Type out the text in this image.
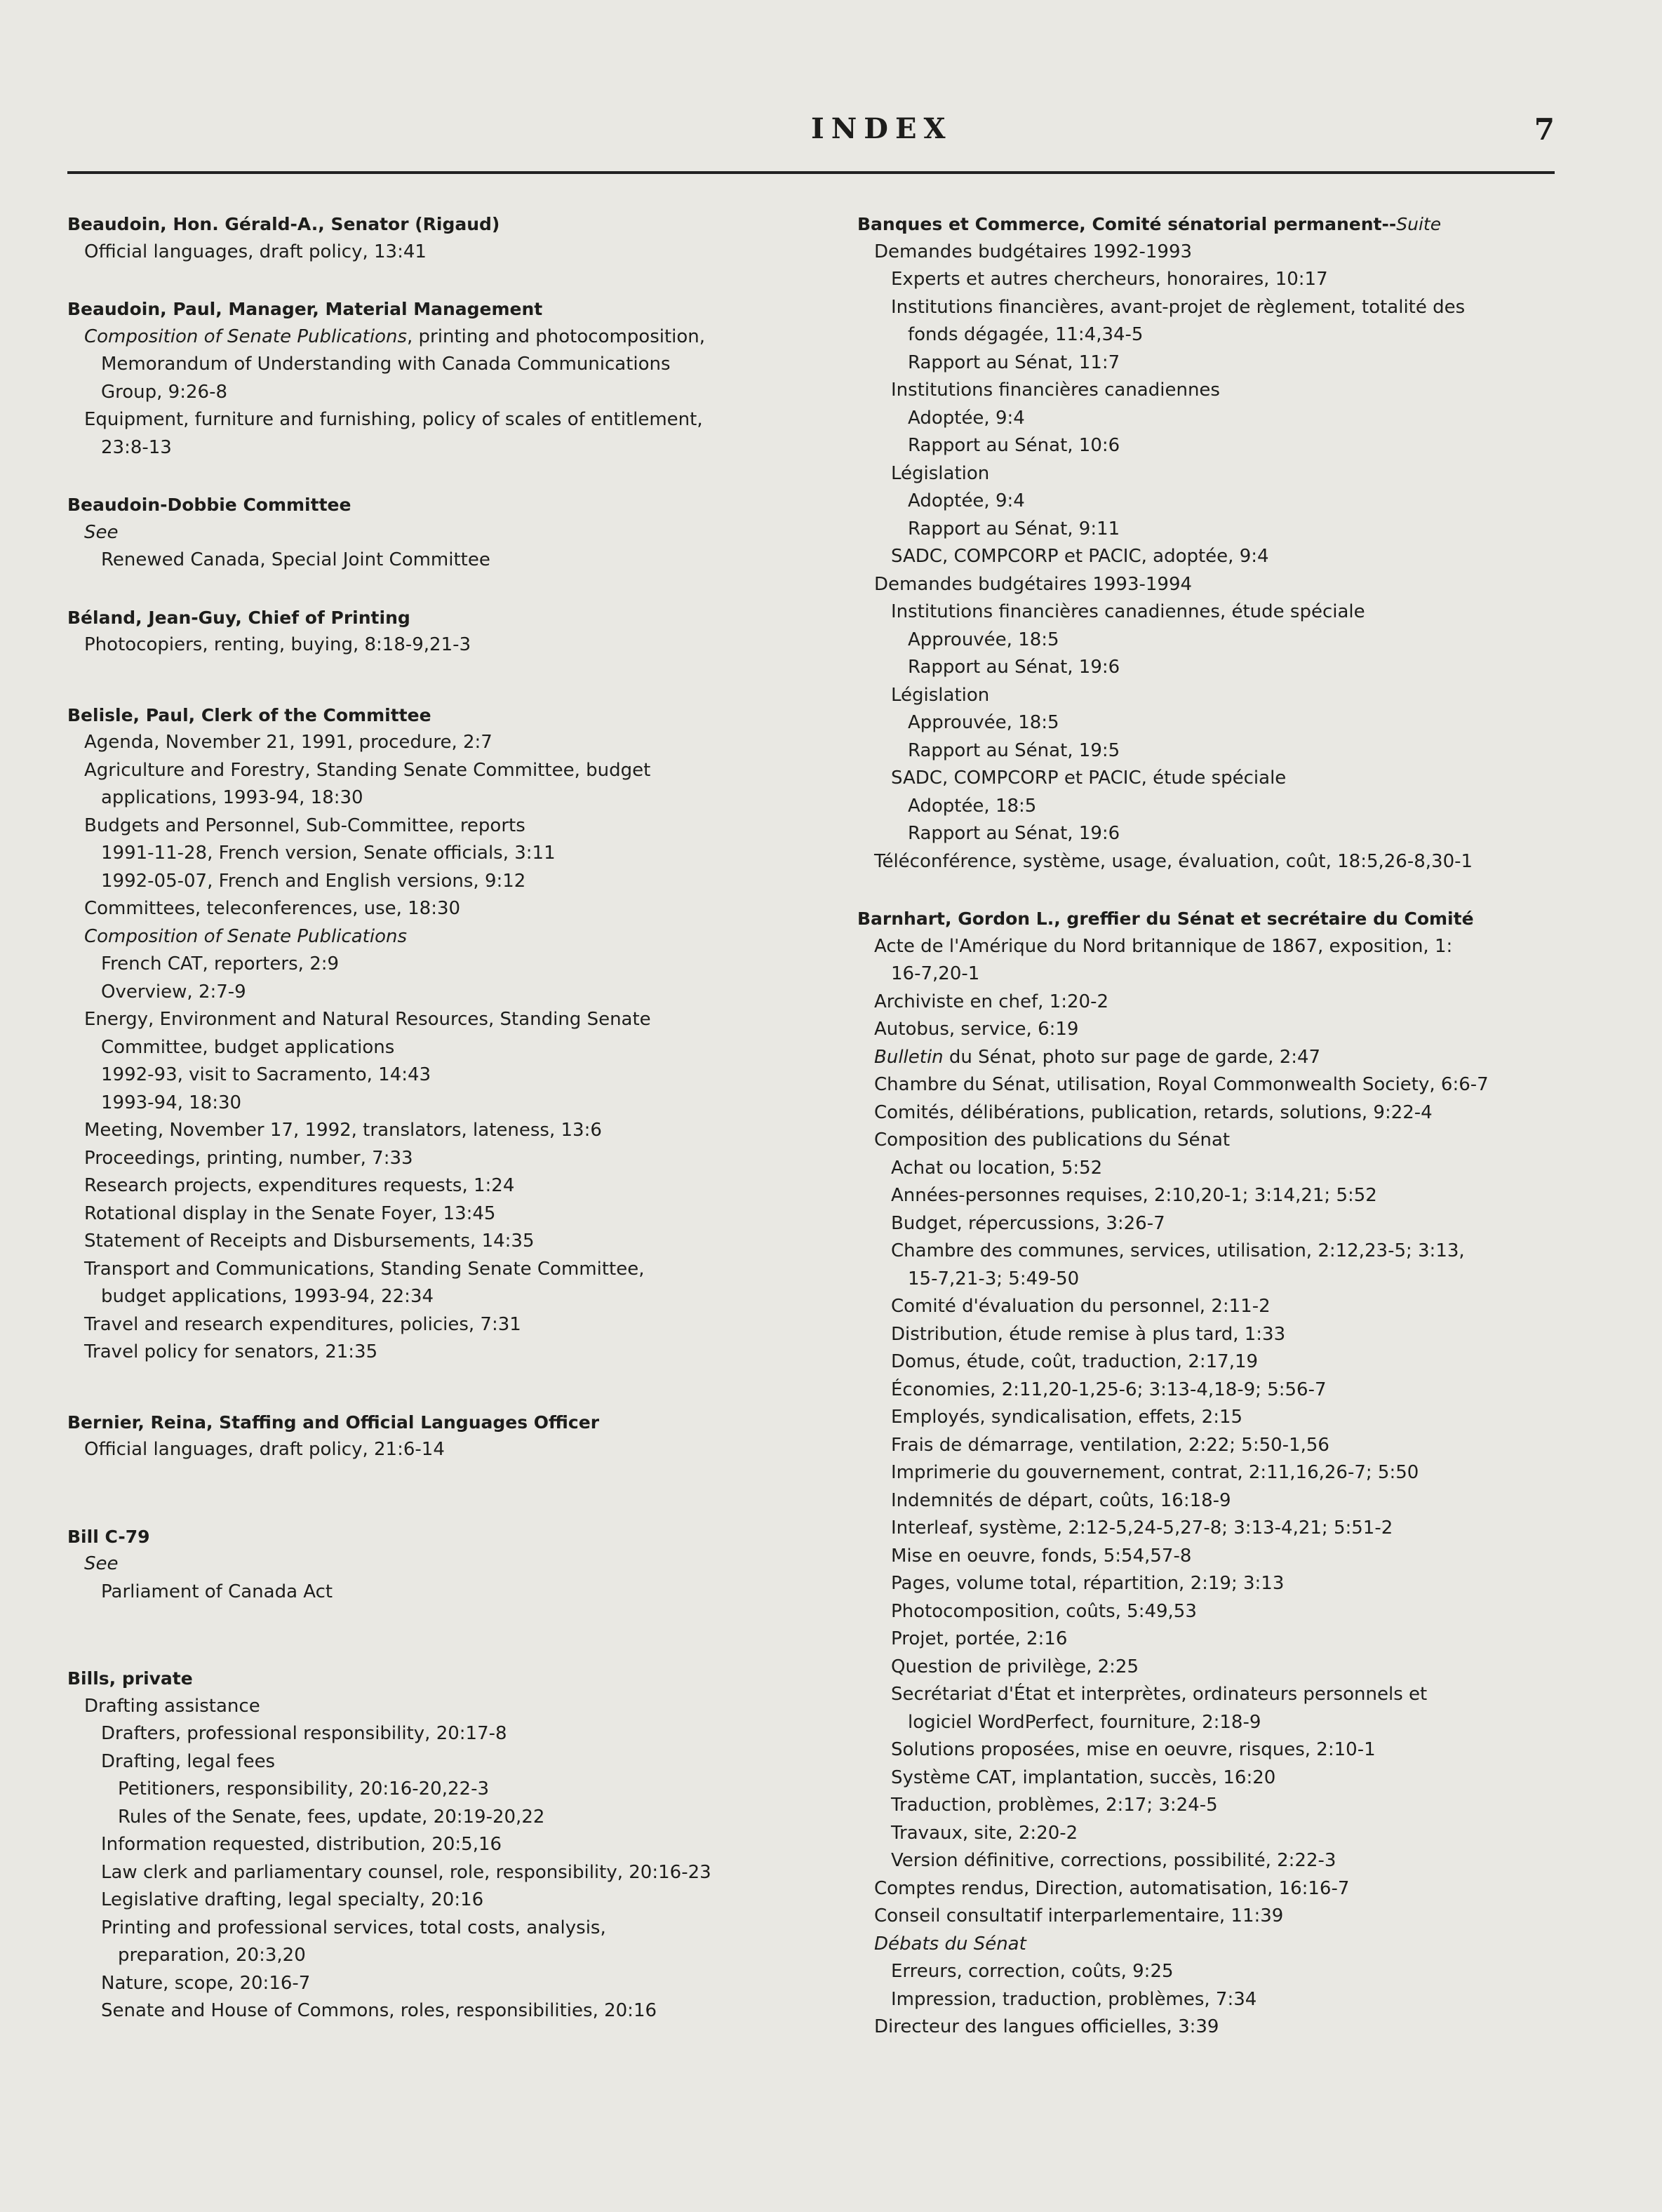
INDEX	7
Beaudoin, Hon. Gérald-A., Senator (Rigaud)
Official languages, draft policy, 13:41
Beaudoin, Paul, Manager, Material Management
Composition of Senate Publications, printing and photocomposition,
Memorandum of Understanding with Canada Communications
Group, 9:26-8
Equipment, furniture and furnishing, policy of scales of entitlement,
23:8-13
Beaudoin-Dobbie Committee
See
Renewed Canada, Special Joint Committee
Béland, Jean-Guy, Chief of Printing
Photocopiers, renting, buying, 8:18-9,21-3
Belisle, Paul, Clerk of the Committee
Agenda, November 21, 1991, procedure, 2:7
Agriculture and Forestry, Standing Senate Committee, budget
applications, 1993-94, 18:30
Budgets and Personnel, Sub-Committee, reports
1991-11-28, French version, Senate officials, 3:11
1992-05-07, French and English versions, 9:12
Committees, teleconferences, use, 18:30
Composition of Senate Publications
French CAT, reporters, 2:9
Overview, 2:7-9
Energy, Environment and Natural Resources, Standing Senate
Committee, budget applications
1992-93, visit to Sacramento, 14:43
1993-94, 18:30
Meeting, November 17, 1992, translators, lateness, 13:6
Proceedings, printing, number, 7:33
Research projects, expenditures requests, 1:24
Rotational display in the Senate Foyer, 13:45
Statement of Receipts and Disbursements, 14:35
Transport and Communications, Standing Senate Committee,
budget applications, 1993-94, 22:34
Travel and research expenditures, policies, 7:31
Travel policy for senators, 21:35
Bernier, Reina, Staffing and Official Languages Officer
Official languages, draft policy, 21:6-14
Bill C-79
See
Parliament of Canada Act
Bills, private
Drafting assistance
Drafters, professional responsibility, 20:17-8
Drafting, legal fees
Petitioners, responsibility, 20:16-20,22-3
Rules of the Senate, fees, update, 20:19-20,22
Information requested, distribution, 20:5,16
Law clerk and parliamentary counsel, role, responsibility, 20:16-23
Legislative drafting, legal specialty, 20:16
Printing and professional services, total costs, analysis,
preparation, 20:3,20
Nature, scope, 20:16-7
Senate and House of Commons, roles, responsibilities, 20:16
Banques et Commerce, Comité sénatorial permanent--Suite
Demandes budgétaires 1992-1993
Experts et autres chercheurs, honoraires, 10:17
Institutions financières, avant-projet de règlement, totalité des
fonds dégagée, 11:4,34-5
Rapport au Sénat, 11:7
Institutions financières canadiennes
Adoptée, 9:4
Rapport au Sénat, 10:6
Législation
Adoptée, 9:4
Rapport au Sénat, 9:11
SADC, COMPCORP et PACIC, adoptée, 9:4
Demandes budgétaires 1993-1994
Institutions financières canadiennes, étude spéciale
Approuvée, 18:5
Rapport au Sénat, 19:6
Législation
Approuvée, 18:5
Rapport au Sénat, 19:5
SADC, COMPCORP et PACIC, étude spéciale
Adoptée, 18:5
Rapport au Sénat, 19:6
Téléconférence, système, usage, évaluation, coût, 18:5,26-8,30-1
Barnhart, Gordon L., greffier du Sénat et secrétaire du Comité
Acte de l'Amérique du Nord britannique de 1867, exposition, 1:
16-7,20-1
Archiviste en chef, 1:20-2
Autobus, service, 6:19
Bulletin du Sénat, photo sur page de garde, 2:47
Chambre du Sénat, utilisation, Royal Commonwealth Society, 6:6-7
Comités, délibérations, publication, retards, solutions, 9:22-4
Composition des publications du Sénat
Achat ou location, 5:52
Années-personnes requises, 2:10,20-1; 3:14,21; 5:52
Budget, répercussions, 3:26-7
Chambre des communes, services, utilisation, 2:12,23-5; 3:13,
15-7,21-3; 5:49-50
Comité d'évaluation du personnel, 2:11-2
Distribution, étude remise à plus tard, 1:33
Domus, étude, coût, traduction, 2:17,19
Économies, 2:11,20-1,25-6; 3:13-4,18-9; 5:56-7
Employés, syndicalisation, effets, 2:15
Frais de démarrage, ventilation, 2:22; 5:50-1,56
Imprimerie du gouvernement, contrat, 2:11,16,26-7; 5:50
Indemnités de départ, coûts, 16:18-9
Interleaf, système, 2:12-5,24-5,27-8; 3:13-4,21; 5:51-2
Mise en oeuvre, fonds, 5:54,57-8
Pages, volume total, répartition, 2:19; 3:13
Photocomposition, coûts, 5:49,53
Projet, portée, 2:16
Question de privilège, 2:25
Secrétariat d'État et interprètes, ordinateurs personnels et
logiciel WordPerfect, fourniture, 2:18-9
Solutions proposées, mise en oeuvre, risques, 2:10-1
Système CAT, implantation, succès, 16:20
Traduction, problèmes, 2:17; 3:24-5
Travaux, site, 2:20-2
Version définitive, corrections, possibilité, 2:22-3
Comptes rendus, Direction, automatisation, 16:16-7
Conseil consultatif interparlementaire, 11:39
Débats du Sénat
Erreurs, correction, coûts, 9:25
Impression, traduction, problèmes, 7:34
Directeur des langues officielles, 3:39
